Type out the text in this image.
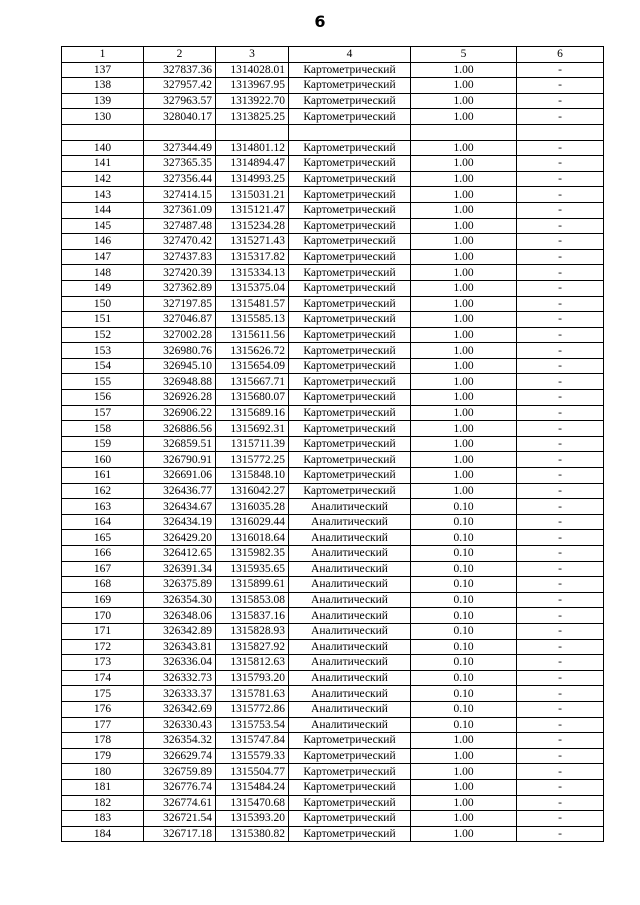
6
1	2	3	4	5	6
137	327837.36	1314028.01	Картометрический	1.00	-
138	327957.42	1313967.95	Картометрический	1.00	-
139	327963.57	1313922.70	Картометрический	1.00	-
130	328040.17	1313825.25	Картометрический	1.00	-

140	327344.49	1314801.12	Картометрический	1.00	-
141	327365.35	1314894.47	Картометрический	1.00	-
142	327356.44	1314993.25	Картометрический	1.00	-
143	327414.15	1315031.21	Картометрический	1.00	-
144	327361.09	1315121.47	Картометрический	1.00	-
145	327487.48	1315234.28	Картометрический	1.00	-
146	327470.42	1315271.43	Картометрический	1.00	-
147	327437.83	1315317.82	Картометрический	1.00	-
148	327420.39	1315334.13	Картометрический	1.00	-
149	327362.89	1315375.04	Картометрический	1.00	-
150	327197.85	1315481.57	Картометрический	1.00	-
151	327046.87	1315585.13	Картометрический	1.00	-
152	327002.28	1315611.56	Картометрический	1.00	-
153	326980.76	1315626.72	Картометрический	1.00	-
154	326945.10	1315654.09	Картометрический	1.00	-
155	326948.88	1315667.71	Картометрический	1.00	-
156	326926.28	1315680.07	Картометрический	1.00	-
157	326906.22	1315689.16	Картометрический	1.00	-
158	326886.56	1315692.31	Картометрический	1.00	-
159	326859.51	1315711.39	Картометрический	1.00	-
160	326790.91	1315772.25	Картометрический	1.00	-
161	326691.06	1315848.10	Картометрический	1.00	-
162	326436.77	1316042.27	Картометрический	1.00	-
163	326434.67	1316035.28	Аналитический	0.10	-
164	326434.19	1316029.44	Аналитический	0.10	-
165	326429.20	1316018.64	Аналитический	0.10	-
166	326412.65	1315982.35	Аналитический	0.10	-
167	326391.34	1315935.65	Аналитический	0.10	-
168	326375.89	1315899.61	Аналитический	0.10	-
169	326354.30	1315853.08	Аналитический	0.10	-
170	326348.06	1315837.16	Аналитический	0.10	-
171	326342.89	1315828.93	Аналитический	0.10	-
172	326343.81	1315827.92	Аналитический	0.10	-
173	326336.04	1315812.63	Аналитический	0.10	-
174	326332.73	1315793.20	Аналитический	0.10	-
175	326333.37	1315781.63	Аналитический	0.10	-
176	326342.69	1315772.86	Аналитический	0.10	-
177	326330.43	1315753.54	Аналитический	0.10	-
178	326354.32	1315747.84	Картометрический	1.00	-
179	326629.74	1315579.33	Картометрический	1.00	-
180	326759.89	1315504.77	Картометрический	1.00	-
181	326776.74	1315484.24	Картометрический	1.00	-
182	326774.61	1315470.68	Картометрический	1.00	-
183	326721.54	1315393.20	Картометрический	1.00	-
184	326717.18	1315380.82	Картометрический	1.00	-
